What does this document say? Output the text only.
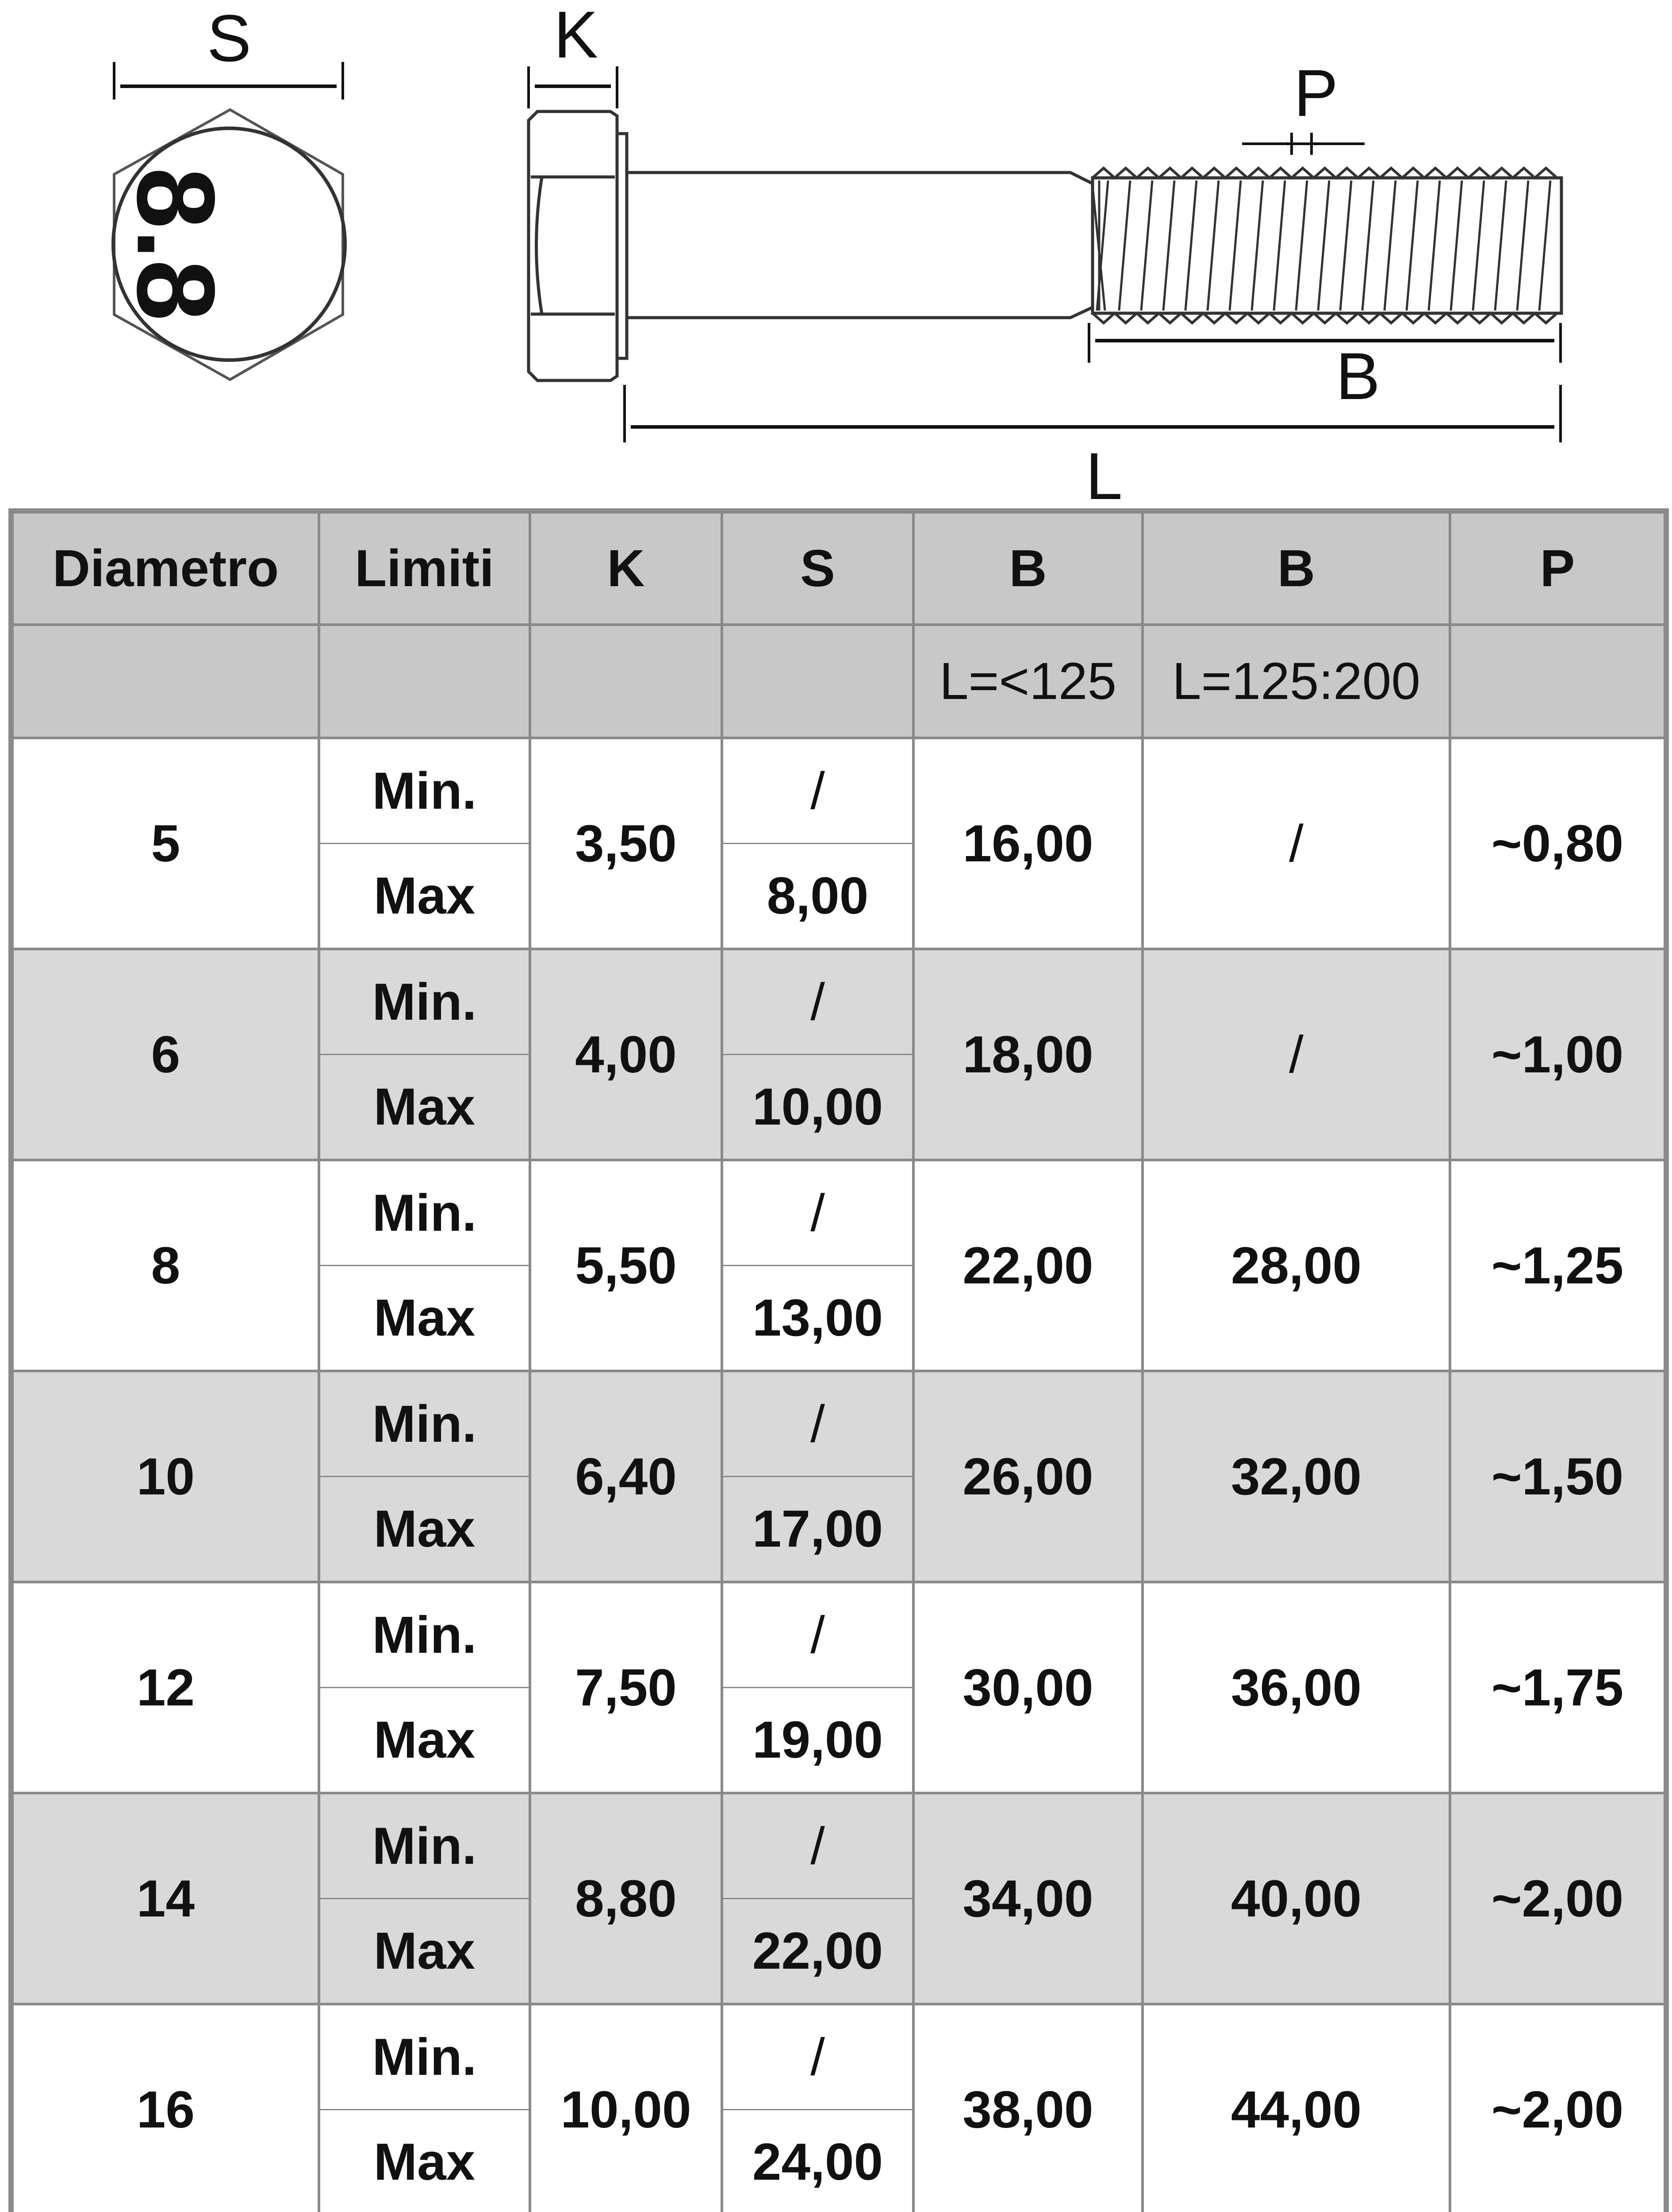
8.8
S	K
P
B
L
Diametro	Limiti	K	S	B	B	P
				L=<125	L=125:200	
5	Min.	3,50	/	16,00	/	~0,80
	Max		8,00			
6	Min.	4,00	/	18,00	/	~1,00
	Max		10,00			
8	Min.	5,50	/	22,00	28,00	~1,25
	Max		13,00			
10	Min.	6,40	/	26,00	32,00	~1,50
	Max		17,00			
12	Min.	7,50	/	30,00	36,00	~1,75
	Max		19,00			
14	Min.	8,80	/	34,00	40,00	~2,00
	Max		22,00			
16	Min.	10,00	/	38,00	44,00	~2,00
	Max		24,00			
